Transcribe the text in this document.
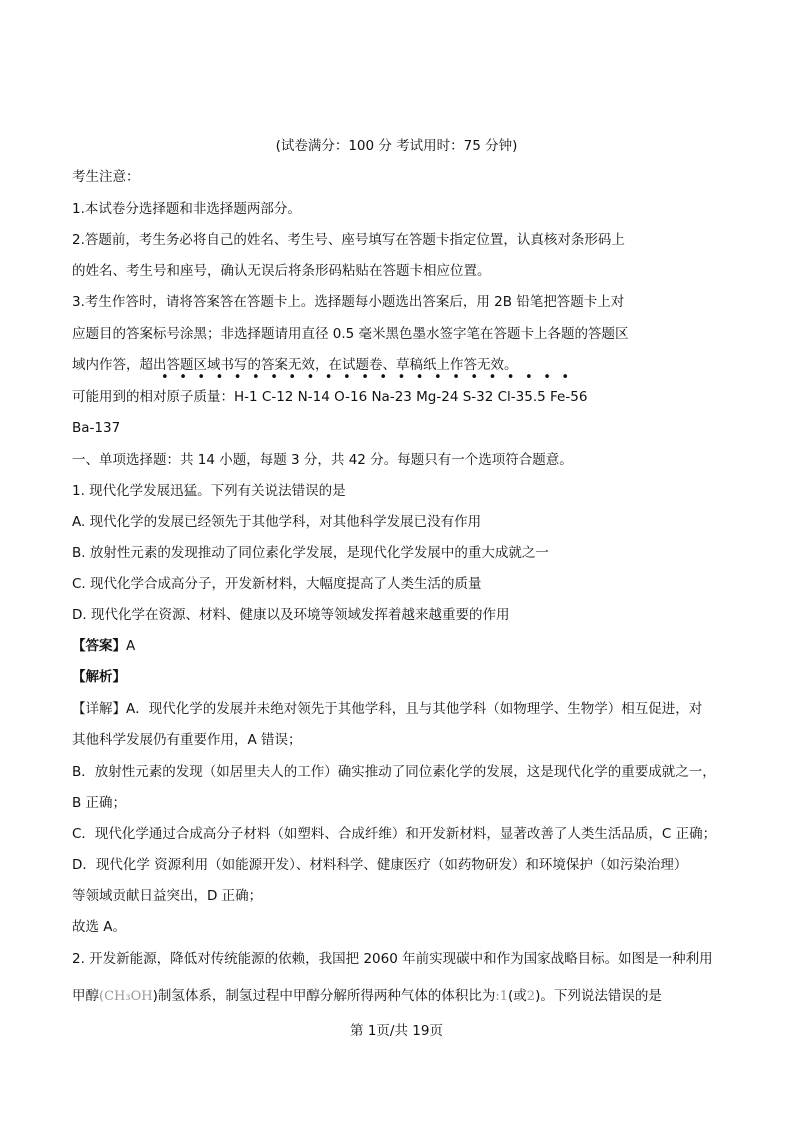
(试卷满分：100 分 考试用时：75 分钟)
考生注意：
1.本试卷分选择题和非选择题两部分。
2.答题前，考生务必将自己的姓名、考生号、座号填写在答题卡指定位置，认真核对条形码上
的姓名、考生号和座号，确认无误后将条形码粘贴在答题卡相应位置。
3.考生作答时，请将答案答在答题卡上。选择题每小题选出答案后，用 2B 铅笔把答题卡上对
应题目的答案标号涂黑；非选择题请用直径 0.5 毫米黑色墨水签字笔在答题卡上各题的答题区
域内作答，超出答题区域书写的答案无效，在试题卷、草稿纸上作答无效。
• • • • • • • • • • • • • • • • • • • • • • •
可能用到的相对原子质量：H-1 C-12 N-14 O-16 Na-23 Mg-24 S-32 Cl-35.5 Fe-56
Ba-137
一、单项选择题：共 14 小题，每题 3 分，共 42 分。每题只有一个选项符合题意。
1. 现代化学发展迅猛。下列有关说法错误的是
A. 现代化学的发展已经领先于其他学科，对其他科学发展已没有作用
B. 放射性元素的发现推动了同位素化学发展，是现代化学发展中的重大成就之一
C. 现代化学合成高分子，开发新材料，大幅度提高了人类生活的质量
D. 现代化学在资源、材料、健康以及环境等领域发挥着越来越重要的作用
【答案】A
【解析】
【详解】A．现代化学的发展并未绝对领先于其他学科，且与其他学科（如物理学、生物学）相互促进，对
其他科学发展仍有重要作用，A 错误；
B．放射性元素的发现（如居里夫人的工作）确实推动了同位素化学的发展，这是现代化学的重要成就之一，
B 正确；
C．现代化学通过合成高分子材料（如塑料、合成纤维）和开发新材料，显著改善了人类生活品质，C 正确；
D．现代化学 资源利用（如能源开发）、材料科学、健康医疗（如药物研发）和环境保护（如污染治理）
等领域贡献日益突出，D 正确；
故选 A。
2. 开发新能源，降低对传统能源的依赖，我国把 2060 年前实现碳中和作为国家战略目标。如图是一种利用
甲醇(CH₃OH)制氢体系，制氢过程中甲醇分解所得两种气体的体积比为:1(或2)。下列说法错误的是
第 1页/共 19页
